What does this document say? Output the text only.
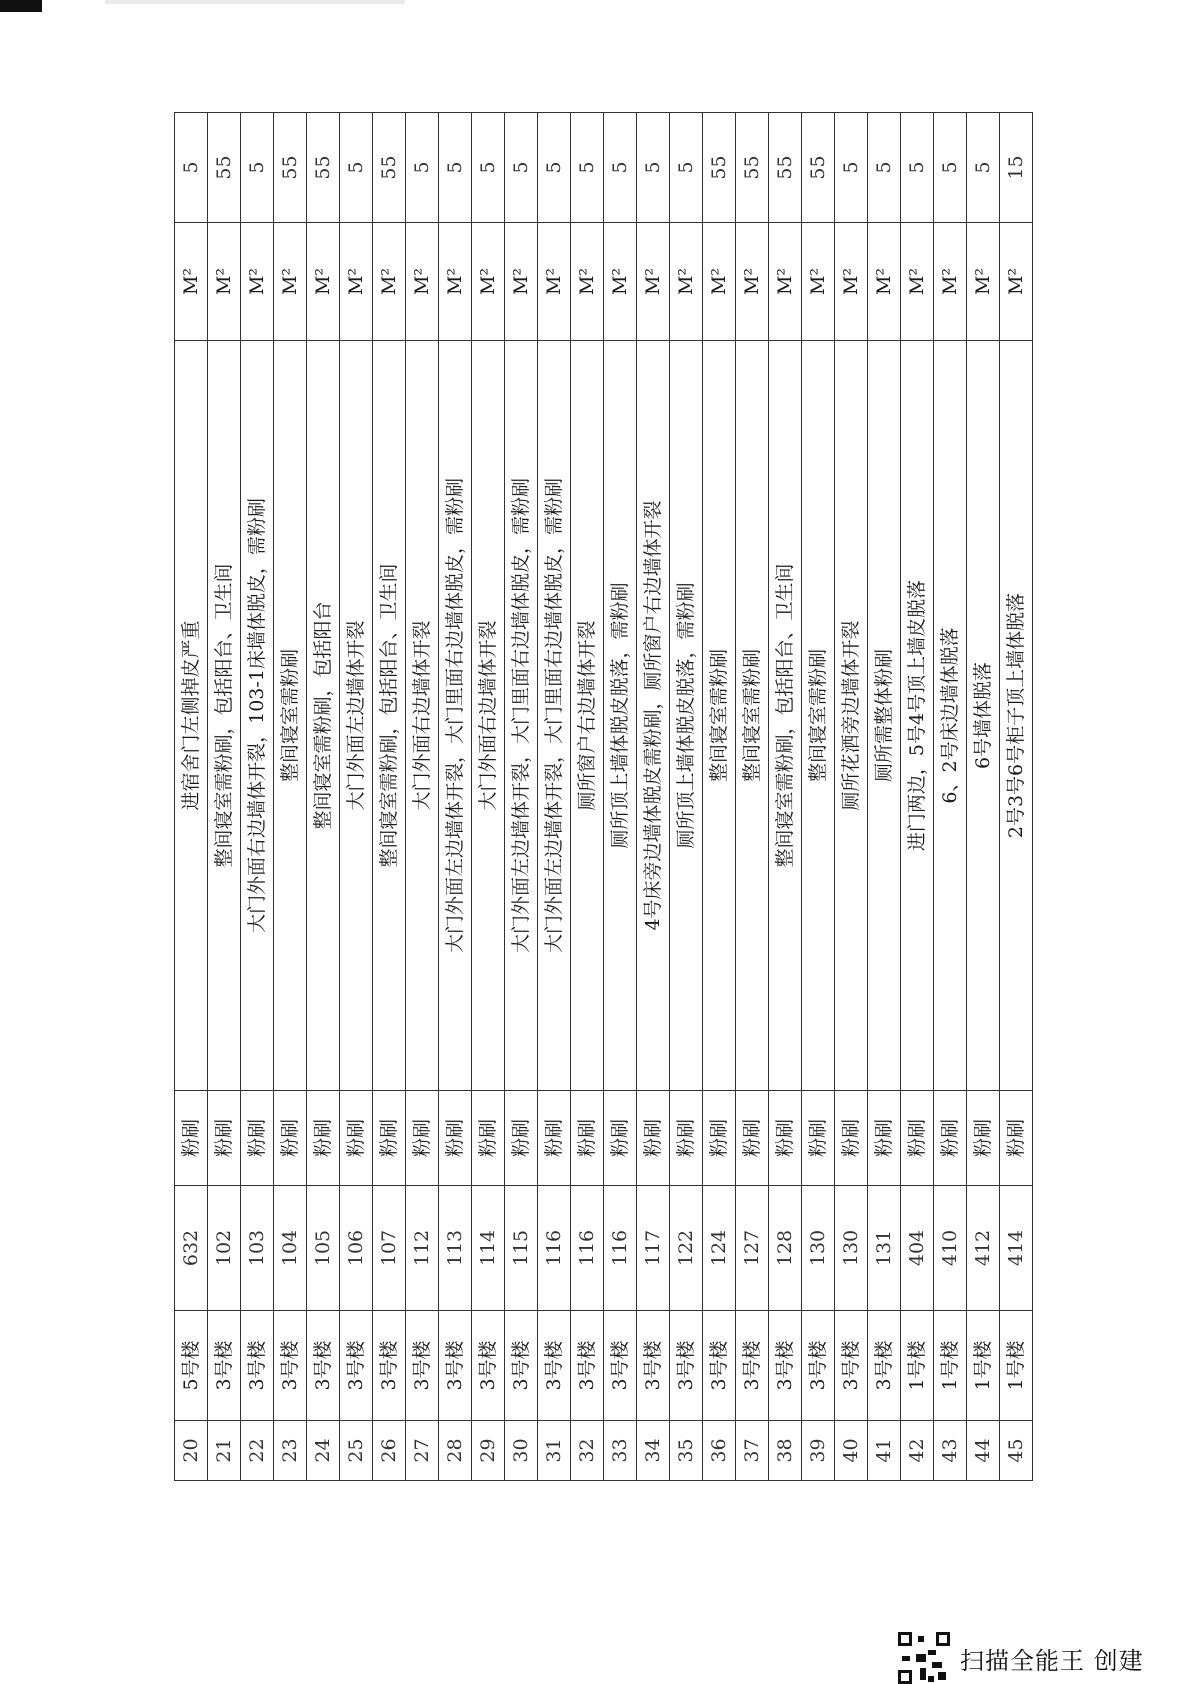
20	5号楼	632	粉刷	进宿舍门左侧掉皮严重	M²	5
21	3号楼	102	粉刷	整间寝室需粉刷，包括阳台、卫生间	M²	55
22	3号楼	103	粉刷	大门外面右边墙体开裂，103-1床墙体脱皮，需粉刷	M²	5
23	3号楼	104	粉刷	整间寝室需粉刷	M²	55
24	3号楼	105	粉刷	整间寝室需粉刷，包括阳台	M²	55
25	3号楼	106	粉刷	大门外面左边墙体开裂	M²	5
26	3号楼	107	粉刷	整间寝室需粉刷，包括阳台、卫生间	M²	55
27	3号楼	112	粉刷	大门外面右边墙体开裂	M²	5
28	3号楼	113	粉刷	大门外面左边墙体开裂，大门里面右边墙体脱皮，需粉刷	M²	5
29	3号楼	114	粉刷	大门外面右边墙体开裂	M²	5
30	3号楼	115	粉刷	大门外面左边墙体开裂，大门里面右边墙体脱皮，需粉刷	M²	5
31	3号楼	116	粉刷	大门外面左边墙体开裂，大门里面右边墙体脱皮，需粉刷	M²	5
32	3号楼	116	粉刷	厕所窗户右边墙体开裂	M²	5
33	3号楼	116	粉刷	厕所顶上墙体脱皮脱落，需粉刷	M²	5
34	3号楼	117	粉刷	4号床旁边墙体脱皮需粉刷，厕所窗户右边墙体开裂	M²	5
35	3号楼	122	粉刷	厕所顶上墙体脱皮脱落，需粉刷	M²	5
36	3号楼	124	粉刷	整间寝室需粉刷	M²	55
37	3号楼	127	粉刷	整间寝室需粉刷	M²	55
38	3号楼	128	粉刷	整间寝室需粉刷，包括阳台、卫生间	M²	55
39	3号楼	130	粉刷	整间寝室需粉刷	M²	55
40	3号楼	130	粉刷	厕所花洒旁边墙体开裂	M²	5
41	3号楼	131	粉刷	厕所需整体粉刷	M²	5
42	1号楼	404	粉刷	进门两边，5号4号顶上墙皮脱落	M²	5
43	1号楼	410	粉刷	6、2号床边墙体脱落	M²	5
44	1号楼	412	粉刷	6号墙体脱落	M²	5
45	1号楼	414	粉刷	2号3号6号柜子顶上墙体脱落	M²	15
扫描全能王 创建
